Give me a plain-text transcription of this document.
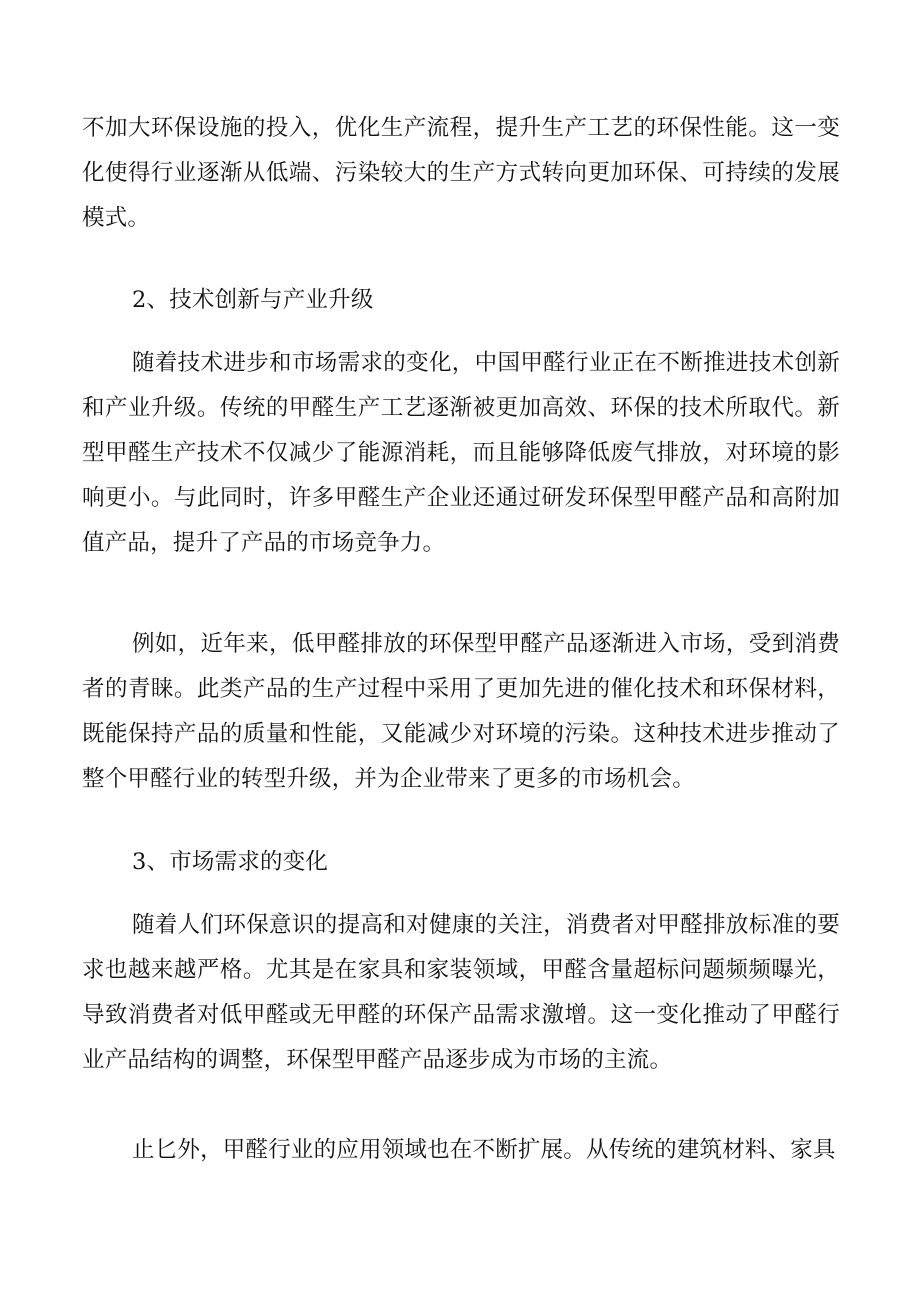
不加大环保设施的投入，优化生产流程，提升生产工艺的环保性能。这一变化使得行业逐渐从低端、污染较大的生产方式转向更加环保、可持续的发展模式。

2、技术创新与产业升级

随着技术进步和市场需求的变化，中国甲醛行业正在不断推进技术创新和产业升级。传统的甲醛生产工艺逐渐被更加高效、环保的技术所取代。新型甲醛生产技术不仅减少了能源消耗，而且能够降低废气排放，对环境的影响更小。与此同时，许多甲醛生产企业还通过研发环保型甲醛产品和高附加值产品，提升了产品的市场竞争力。

例如，近年来，低甲醛排放的环保型甲醛产品逐渐进入市场，受到消费者的青睐。此类产品的生产过程中采用了更加先进的催化技术和环保材料，既能保持产品的质量和性能，又能减少对环境的污染。这种技术进步推动了整个甲醛行业的转型升级，并为企业带来了更多的市场机会。

3、市场需求的变化

随着人们环保意识的提高和对健康的关注，消费者对甲醛排放标准的要求也越来越严格。尤其是在家具和家装领域，甲醛含量超标问题频频曝光，导致消费者对低甲醛或无甲醛的环保产品需求激增。这一变化推动了甲醛行业产品结构的调整，环保型甲醛产品逐步成为市场的主流。

止匕外，甲醛行业的应用领域也在不断扩展。从传统的建筑材料、家具
